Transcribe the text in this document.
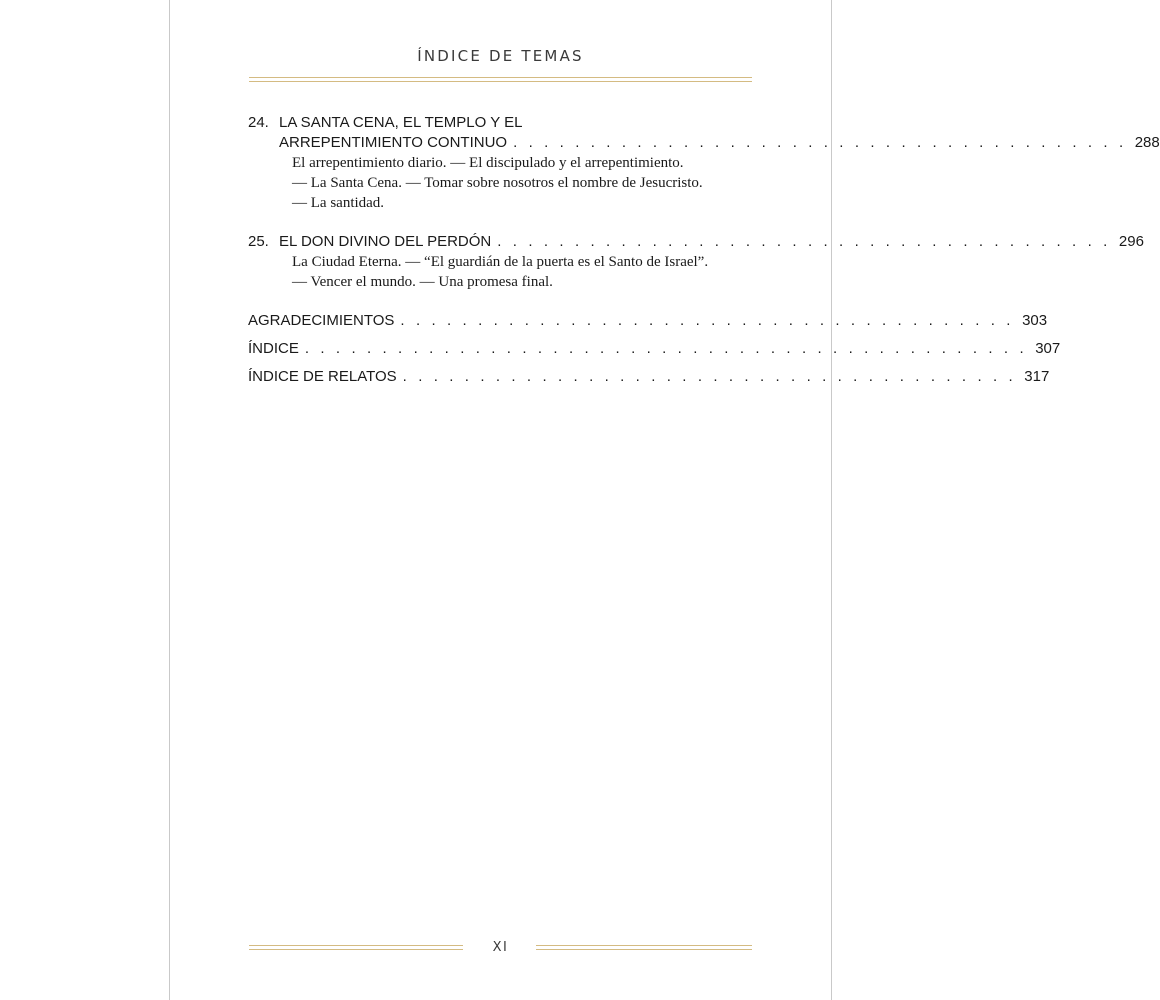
ÍNDICE DE TEMAS
XI
24. LA SANTA CENA, EL TEMPLO Y EL
ARREPENTIMIENTO CONTINUO . . . . . . . . . . . . . . . . . . . . . . . . . . . . . . . . . . . . . . . . 288
El arrepentimiento diario. — El discipulado y el arrepentimiento.
— La Santa Cena. — Tomar sobre nosotros el nombre de Jesucristo.
— La santidad.
25. EL DON DIVINO DEL PERDÓN . . . . . . . . . . . . . . . . . . . . . . . . . . . . . . . . . . . . . . . . 296
La Ciudad Eterna. — “El guardián de la puerta es el Santo de Israel”.
— Vencer el mundo. — Una promesa final.
AGRADECIMIENTOS . . . . . . . . . . . . . . . . . . . . . . . . . . . . . . . . . . . . . . . . 303
ÍNDICE . . . . . . . . . . . . . . . . . . . . . . . . . . . . . . . . . . . . . . . . . . . . . . . 307
ÍNDICE DE RELATOS . . . . . . . . . . . . . . . . . . . . . . . . . . . . . . . . . . . . . . . . 317
